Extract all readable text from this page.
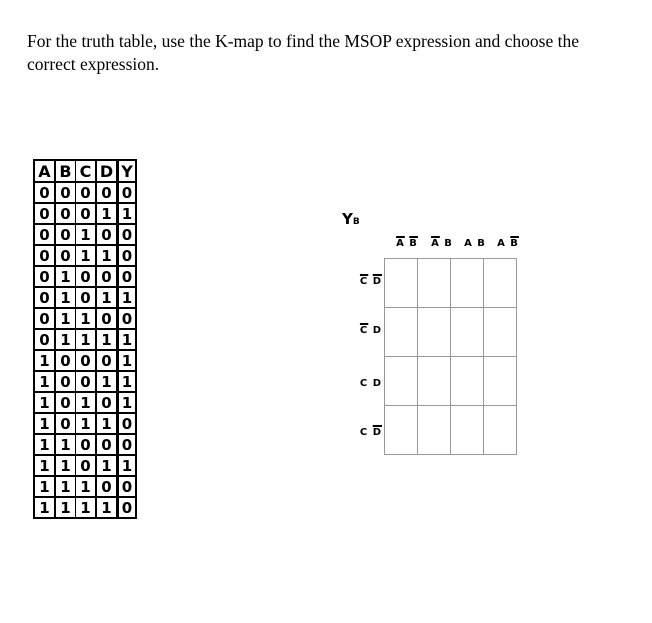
For the truth table, use the K-map to find the MSOP expression and choose the correct expression.
A	B	C	D	Y
0	0	0	0	0
0	0	0	1	1
0	0	1	0	0
0	0	1	1	0
0	1	0	0	0
0	1	0	1	1
0	1	1	0	0
0	1	1	1	1
1	0	0	0	1
1	0	0	1	1
1	0	1	0	1
1	0	1	1	0
1	1	0	0	0
1	1	0	1	1
1	1	1	0	0
1	1	1	1	0
YB
$\overline{A}$ $\overline{B}$	$\overline{A}$ B	A B	A $\overline{B}$
$\overline{C}$ $\overline{D}$
$\overline{C}$ D
C D
C $\overline{D}$
